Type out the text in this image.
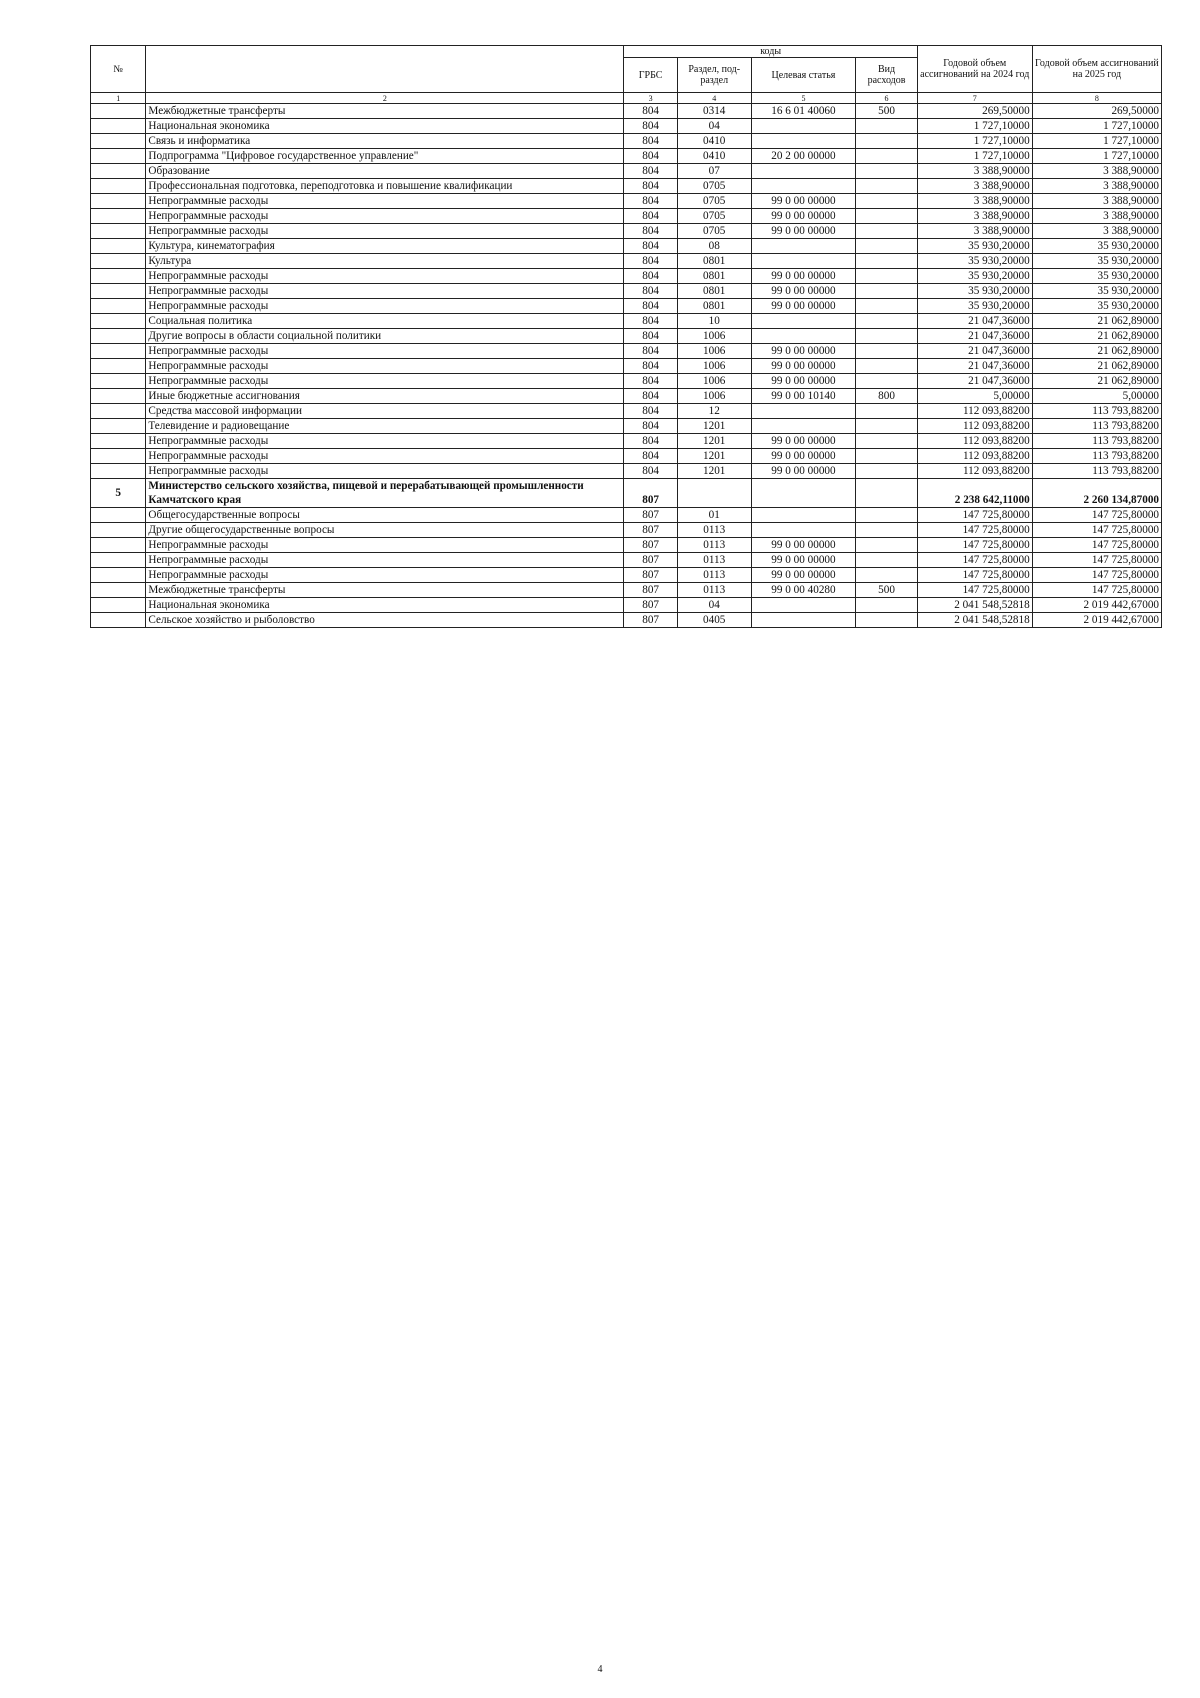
№		коды				Годовой объем ассигнований на 2024 год	Годовой объем ассигнований на 2025 год
		ГРБС	Раздел, под-раздел	Целевая статья	Вид расходов		
1	2	3	4	5	6	7	8
	Межбюджетные трансферты	804	0314	16 6 01 40060	500	269,50000	269,50000
	Национальная экономика	804	04			1 727,10000	1 727,10000
	Связь и информатика	804	0410			1 727,10000	1 727,10000
	Подпрограмма "Цифровое государственное управление"	804	0410	20 2 00 00000		1 727,10000	1 727,10000
	Образование	804	07			3 388,90000	3 388,90000
	Профессиональная подготовка, переподготовка и повышение квалификации	804	0705			3 388,90000	3 388,90000
	Непрограммные расходы	804	0705	99 0 00 00000		3 388,90000	3 388,90000
	Непрограммные расходы	804	0705	99 0 00 00000		3 388,90000	3 388,90000
	Непрограммные расходы	804	0705	99 0 00 00000		3 388,90000	3 388,90000
	Культура, кинематография	804	08			35 930,20000	35 930,20000
	Культура	804	0801			35 930,20000	35 930,20000
	Непрограммные расходы	804	0801	99 0 00 00000		35 930,20000	35 930,20000
	Непрограммные расходы	804	0801	99 0 00 00000		35 930,20000	35 930,20000
	Непрограммные расходы	804	0801	99 0 00 00000		35 930,20000	35 930,20000
	Социальная политика	804	10			21 047,36000	21 062,89000
	Другие вопросы в области социальной политики	804	1006			21 047,36000	21 062,89000
	Непрограммные расходы	804	1006	99 0 00 00000		21 047,36000	21 062,89000
	Непрограммные расходы	804	1006	99 0 00 00000		21 047,36000	21 062,89000
	Непрограммные расходы	804	1006	99 0 00 00000		21 047,36000	21 062,89000
	Иные бюджетные ассигнования	804	1006	99 0 00 10140	800	5,00000	5,00000
	Средства массовой информации	804	12			112 093,88200	113 793,88200
	Телевидение и радиовещание	804	1201			112 093,88200	113 793,88200
	Непрограммные расходы	804	1201	99 0 00 00000		112 093,88200	113 793,88200
	Непрограммные расходы	804	1201	99 0 00 00000		112 093,88200	113 793,88200
	Непрограммные расходы	804	1201	99 0 00 00000		112 093,88200	113 793,88200
5	Министерство сельского хозяйства, пищевой и перерабатывающей промышленности Камчатского края	807				2 238 642,11000	2 260 134,87000
	Общегосударственные вопросы	807	01			147 725,80000	147 725,80000
	Другие общегосударственные вопросы	807	0113			147 725,80000	147 725,80000
	Непрограммные расходы	807	0113	99 0 00 00000		147 725,80000	147 725,80000
	Непрограммные расходы	807	0113	99 0 00 00000		147 725,80000	147 725,80000
	Непрограммные расходы	807	0113	99 0 00 00000		147 725,80000	147 725,80000
	Межбюджетные трансферты	807	0113	99 0 00 40280	500	147 725,80000	147 725,80000
	Национальная экономика	807	04			2 041 548,52818	2 019 442,67000
	Сельское хозяйство и рыболовство	807	0405			2 041 548,52818	2 019 442,67000
4
